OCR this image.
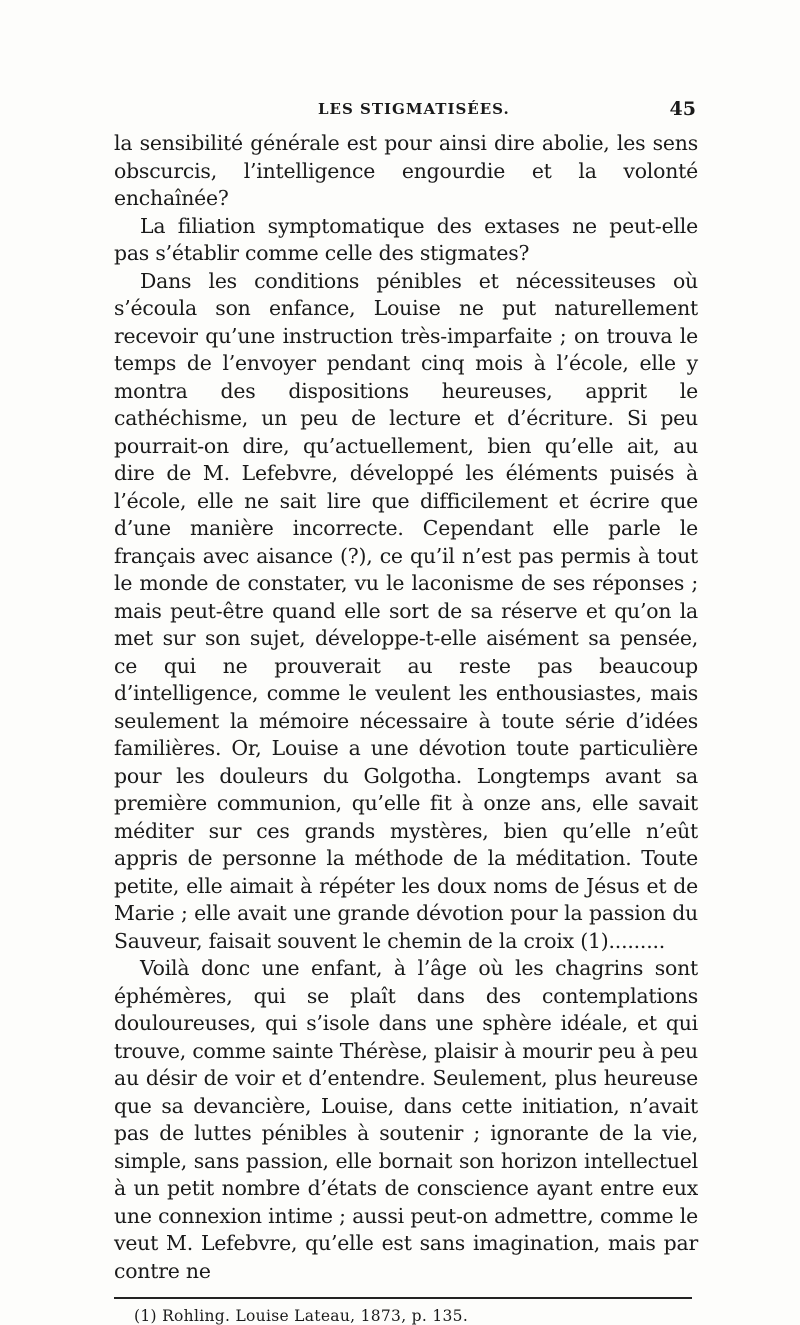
LES STIGMATISÉES.	45

la sensibilité générale est pour ainsi dire abolie, les sens obscurcis, l’intelligence engourdie et la volonté enchaînée?

La filiation symptomatique des extases ne peut-elle pas s’établir comme celle des stigmates?

Dans les conditions pénibles et nécessiteuses où s’écoula son enfance, Louise ne put naturellement recevoir qu’une instruction très-imparfaite ; on trouva le temps de l’envoyer pendant cinq mois à l’école, elle y montra des dispositions heureuses, apprit le cathéchisme, un peu de lecture et d’écriture. Si peu pourrait-on dire, qu’actuellement, bien qu’elle ait, au dire de M. Lefebvre, développé les éléments puisés à l’école, elle ne sait lire que difficilement et écrire que d’une manière incorrecte. Cependant elle parle le français avec aisance (?), ce qu’il n’est pas permis à tout le monde de constater, vu le laconisme de ses réponses ; mais peut-être quand elle sort de sa réserve et qu’on la met sur son sujet, développe-t-elle aisément sa pensée, ce qui ne prouverait au reste pas beaucoup d’intelligence, comme le veulent les enthousiastes, mais seulement la mémoire nécessaire à toute série d’idées familières. Or, Louise a une dévotion toute particulière pour les douleurs du Golgotha. Longtemps avant sa première communion, qu’elle fit à onze ans, elle savait méditer sur ces grands mystères, bien qu’elle n’eût appris de personne la méthode de la méditation. Toute petite, elle aimait à répéter les doux noms de Jésus et de Marie ; elle avait une grande dévotion pour la passion du Sauveur, faisait souvent le chemin de la croix (1).........

Voilà donc une enfant, à l’âge où les chagrins sont éphémères, qui se plaît dans des contemplations douloureuses, qui s’isole dans une sphère idéale, et qui trouve, comme sainte Thérèse, plaisir à mourir peu à peu au désir de voir et d’entendre. Seulement, plus heureuse que sa devancière, Louise, dans cette initiation, n’avait pas de luttes pénibles à soutenir ; ignorante de la vie, simple, sans passion, elle bornait son horizon intellectuel à un petit nombre d’états de conscience ayant entre eux une connexion intime ; aussi peut-on admettre, comme le veut M. Lefebvre, qu’elle est sans imagination, mais par contre ne

(1) Rohling. Louise Lateau, 1873, p. 135.
